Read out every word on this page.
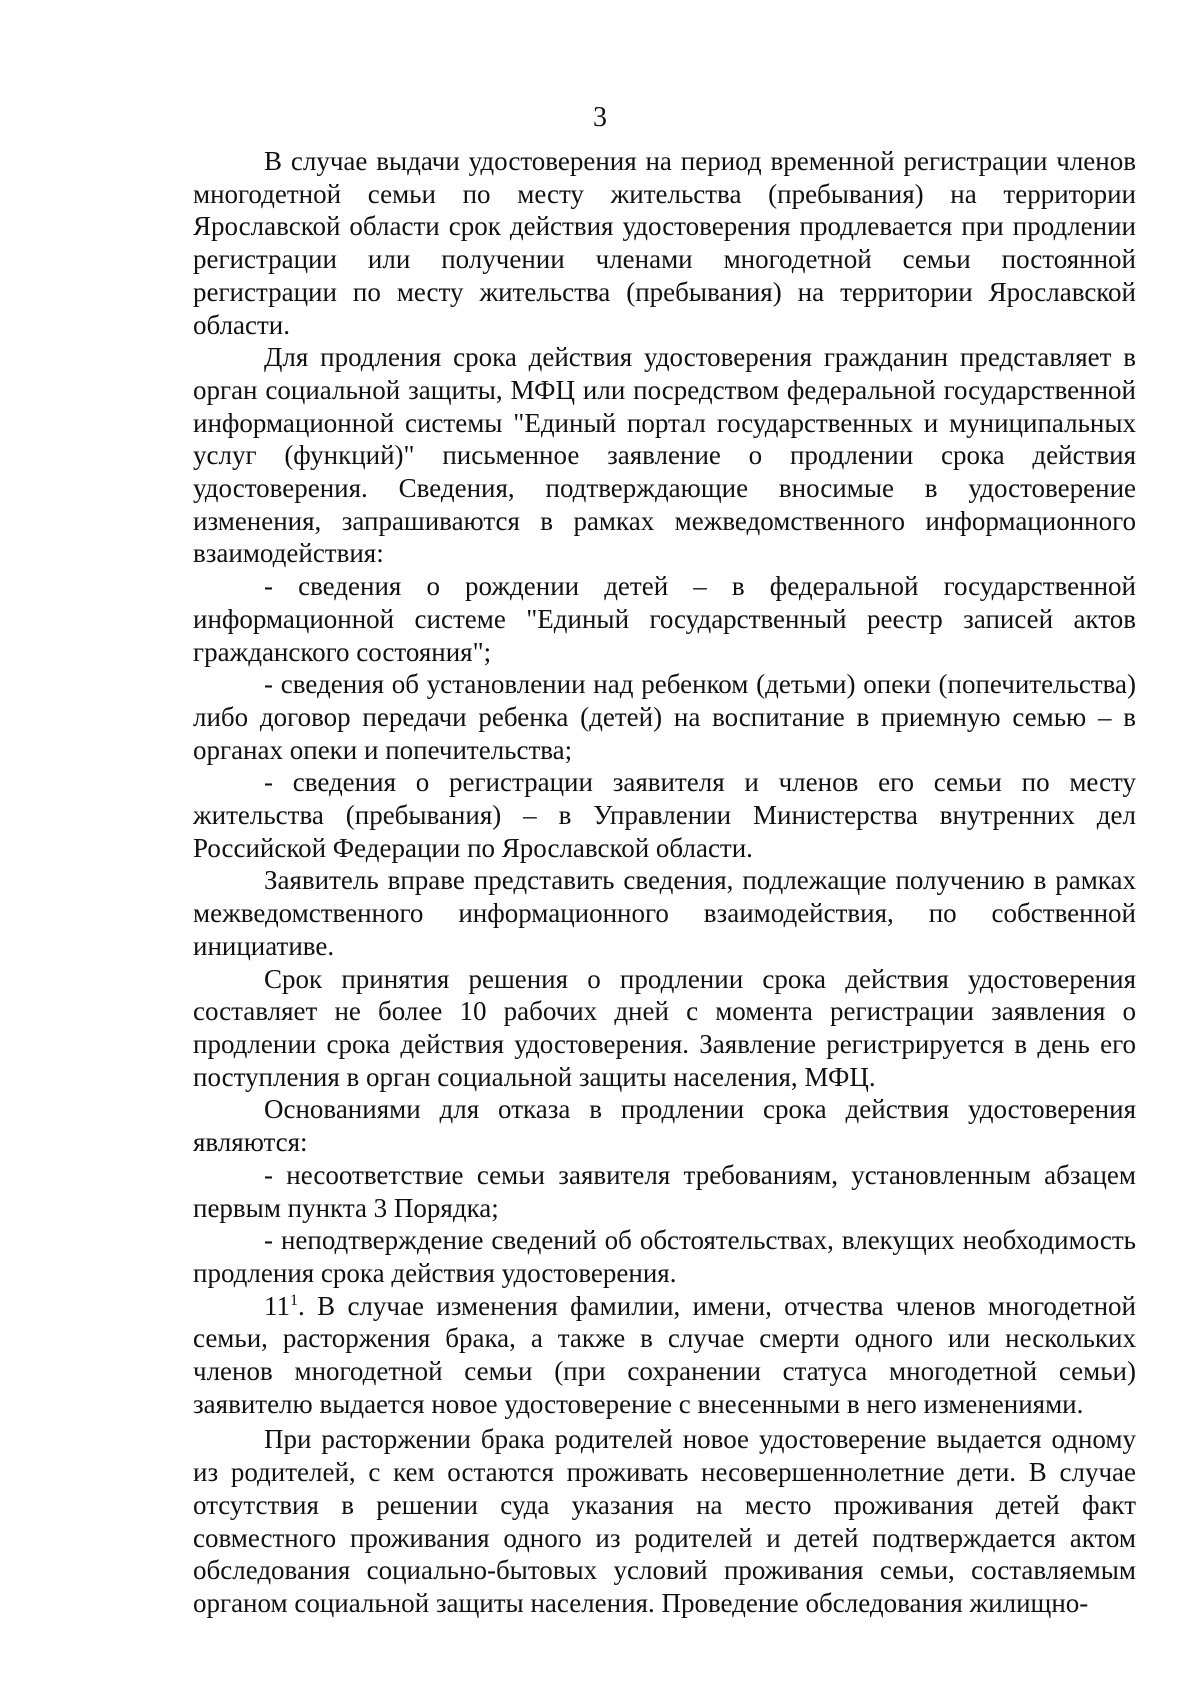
3

В случае выдачи удостоверения на период временной регистрации членов многодетной семьи по месту жительства (пребывания) на территории Ярославской области срок действия удостоверения продлевается при продлении регистрации или получении членами многодетной семьи постоянной регистрации по месту жительства (пребывания) на территории Ярославской области.

Для продления срока действия удостоверения гражданин представляет в орган социальной защиты, МФЦ или посредством федеральной государственной информационной системы "Единый портал государственных и муниципальных услуг (функций)" письменное заявление о продлении срока действия удостоверения. Сведения, подтверждающие вносимые в удостоверение изменения, запрашиваются в рамках межведомственного информационного взаимодействия:

- сведения о рождении детей – в федеральной государственной информационной системе "Единый государственный реестр записей актов гражданского состояния";

- сведения об установлении над ребенком (детьми) опеки (попечительства) либо договор передачи ребенка (детей) на воспитание в приемную семью – в органах опеки и попечительства;

- сведения о регистрации заявителя и членов его семьи по месту жительства (пребывания) – в Управлении Министерства внутренних дел Российской Федерации по Ярославской области.

Заявитель вправе представить сведения, подлежащие получению в рамках межведомственного информационного взаимодействия, по собственной инициативе.

Срок принятия решения о продлении срока действия удостоверения составляет не более 10 рабочих дней с момента регистрации заявления о продлении срока действия удостоверения. Заявление регистрируется в день его поступления в орган социальной защиты населения, МФЦ.

Основаниями для отказа в продлении срока действия удостоверения являются:

- несоответствие семьи заявителя требованиям, установленным абзацем первым пункта 3 Порядка;

- неподтверждение сведений об обстоятельствах, влекущих необходимость продления срока действия удостоверения.

$11^1$. В случае изменения фамилии, имени, отчества членов многодетной семьи, расторжения брака, а также в случае смерти одного или нескольких членов многодетной семьи (при сохранении статуса многодетной семьи) заявителю выдается новое удостоверение с внесенными в него изменениями.

При расторжении брака родителей новое удостоверение выдается одному из родителей, с кем остаются проживать несовершеннолетние дети. В случае отсутствия в решении суда указания на место проживания детей факт совместного проживания одного из родителей и детей подтверждается актом обследования социально-бытовых условий проживания семьи, составляемым органом социальной защиты населения. Проведение обследования жилищно-
